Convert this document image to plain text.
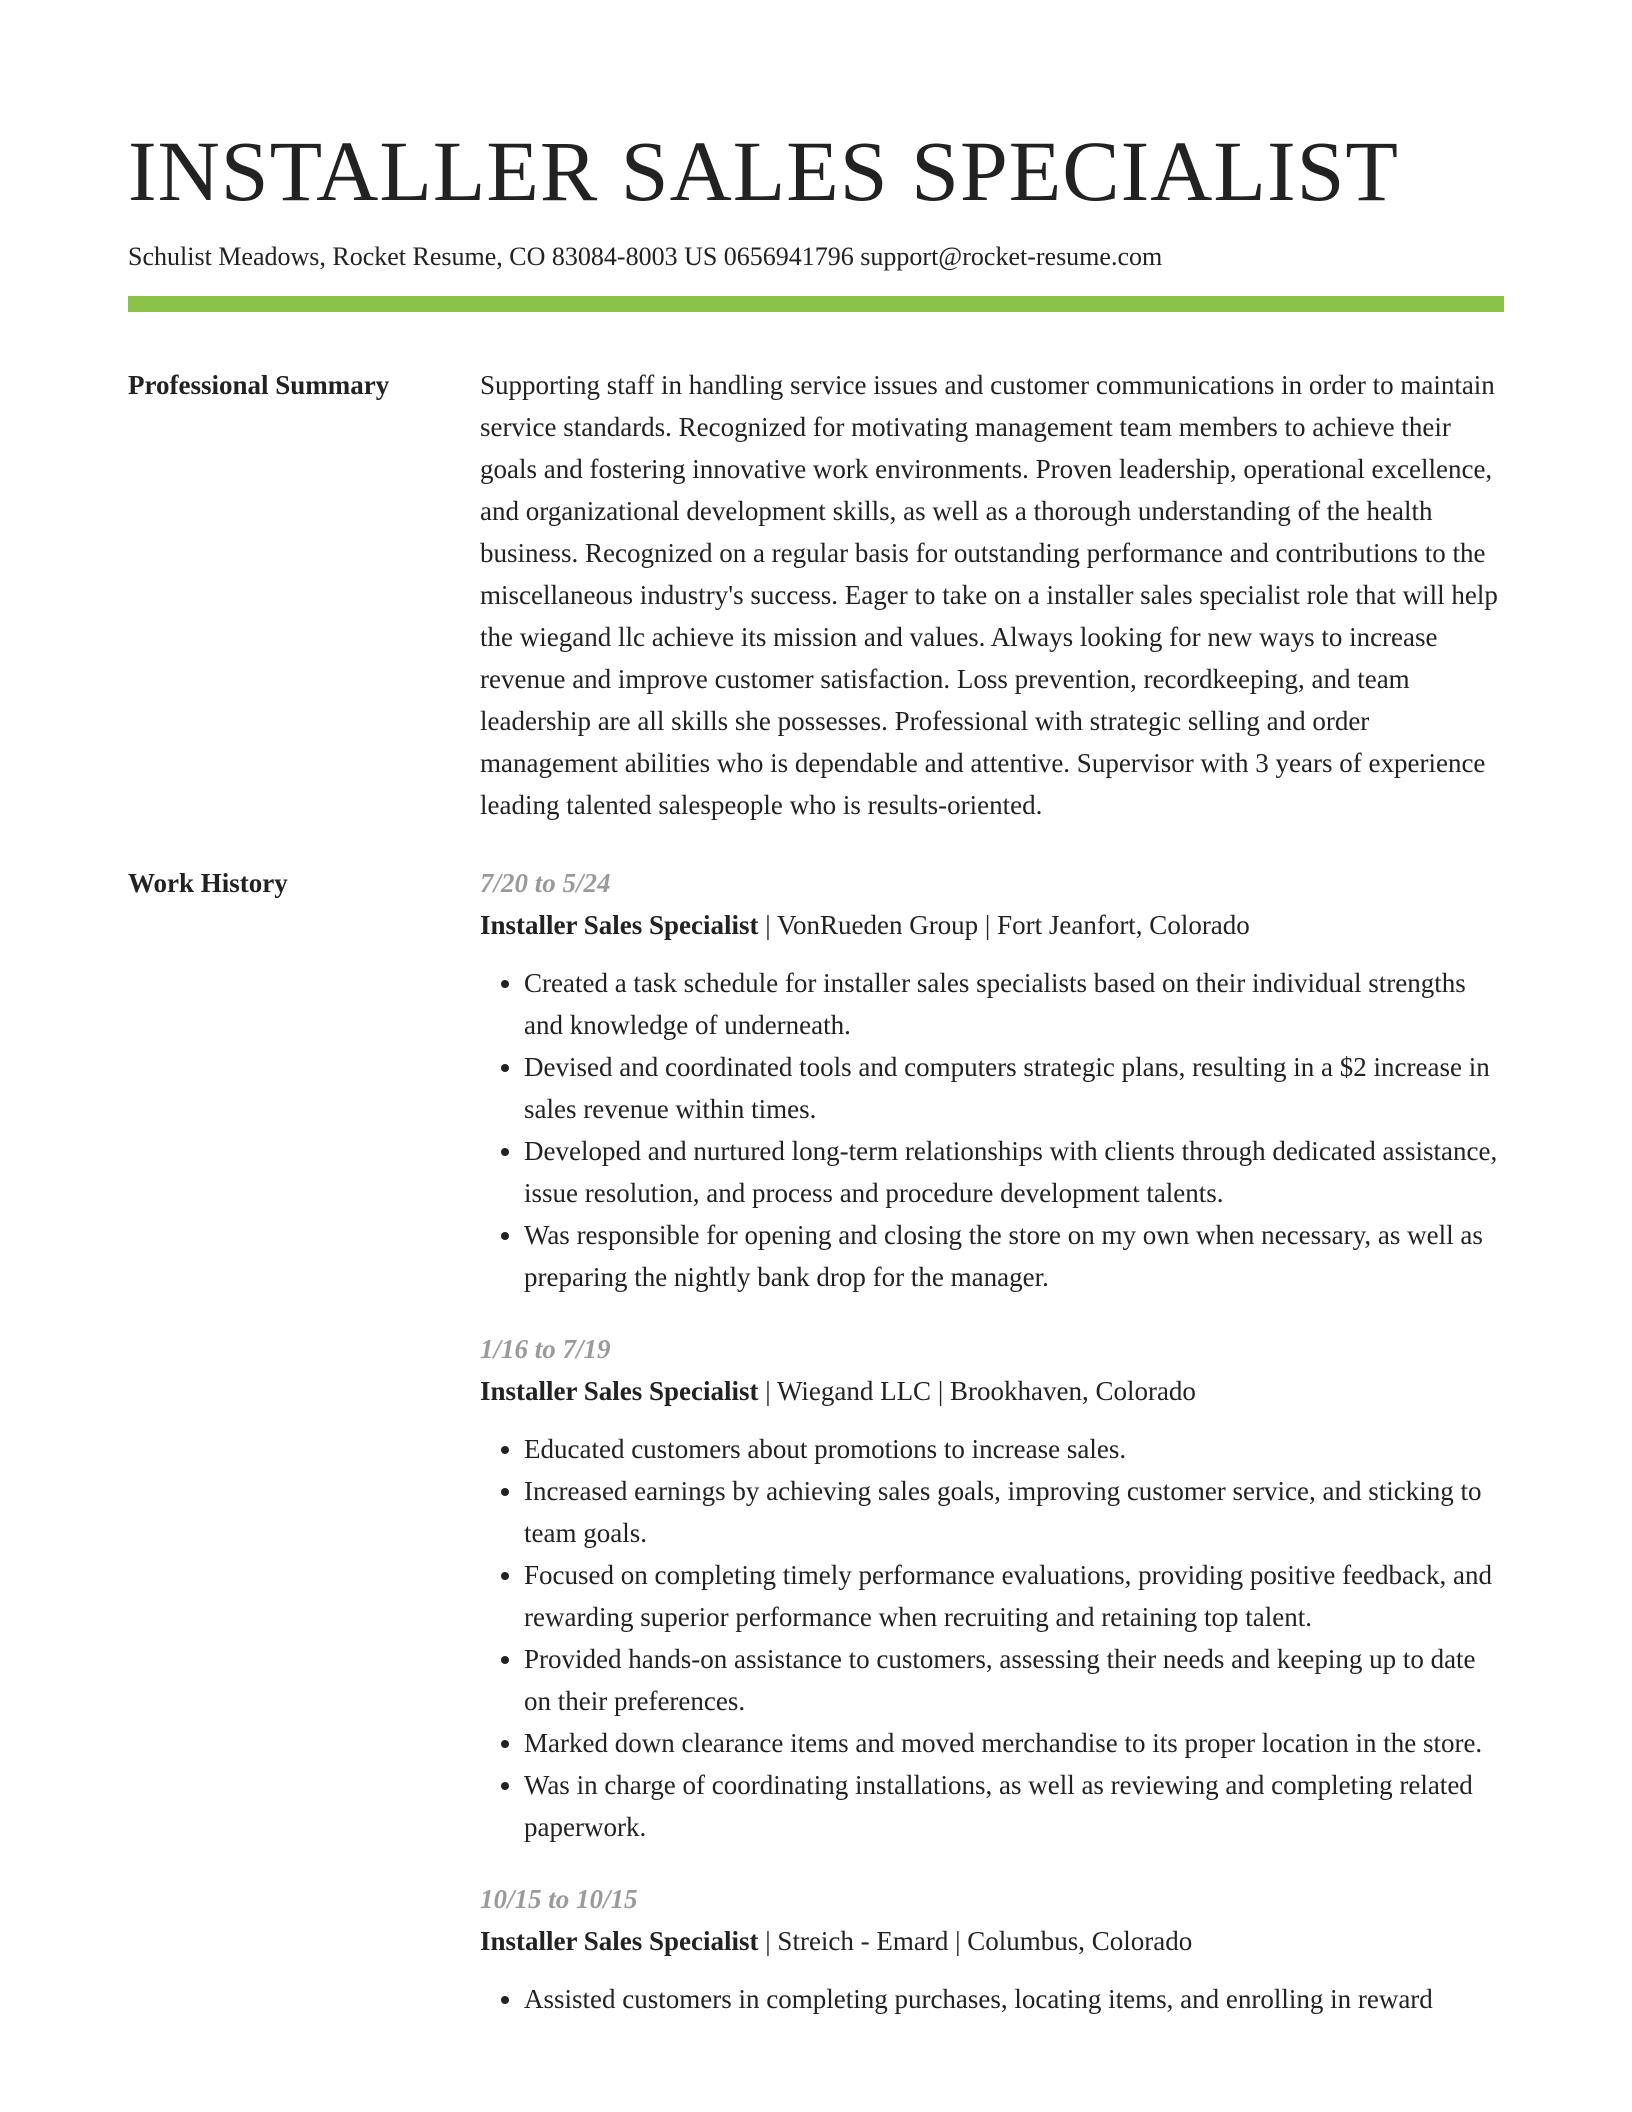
INSTALLER SALES SPECIALIST
Schulist Meadows, Rocket Resume, CO 83084-8003 US 0656941796 support@rocket-resume.com
Professional Summary	Supporting staff in handling service issues and customer communications in order to maintain service standards. Recognized for motivating management team members to achieve their goals and fostering innovative work environments. Proven leadership, operational excellence, and organizational development skills, as well as a thorough understanding of the health business. Recognized on a regular basis for outstanding performance and contributions to the miscellaneous industry's success. Eager to take on a installer sales specialist role that will help the wiegand llc achieve its mission and values. Always looking for new ways to increase revenue and improve customer satisfaction. Loss prevention, recordkeeping, and team leadership are all skills she possesses. Professional with strategic selling and order management abilities who is dependable and attentive. Supervisor with 3 years of experience leading talented salespeople who is results-oriented.

Work History	7/20 to 5/24
Installer Sales Specialist | VonRueden Group | Fort Jeanfort, Colorado
• Created a task schedule for installer sales specialists based on their individual strengths and knowledge of underneath.
• Devised and coordinated tools and computers strategic plans, resulting in a $2 increase in sales revenue within times.
• Developed and nurtured long-term relationships with clients through dedicated assistance, issue resolution, and process and procedure development talents.
• Was responsible for opening and closing the store on my own when necessary, as well as preparing the nightly bank drop for the manager.
1/16 to 7/19
Installer Sales Specialist | Wiegand LLC | Brookhaven, Colorado
• Educated customers about promotions to increase sales.
• Increased earnings by achieving sales goals, improving customer service, and sticking to team goals.
• Focused on completing timely performance evaluations, providing positive feedback, and rewarding superior performance when recruiting and retaining top talent.
• Provided hands-on assistance to customers, assessing their needs and keeping up to date on their preferences.
• Marked down clearance items and moved merchandise to its proper location in the store.
• Was in charge of coordinating installations, as well as reviewing and completing related paperwork.
10/15 to 10/15
Installer Sales Specialist | Streich - Emard | Columbus, Colorado
• Assisted customers in completing purchases, locating items, and enrolling in reward
